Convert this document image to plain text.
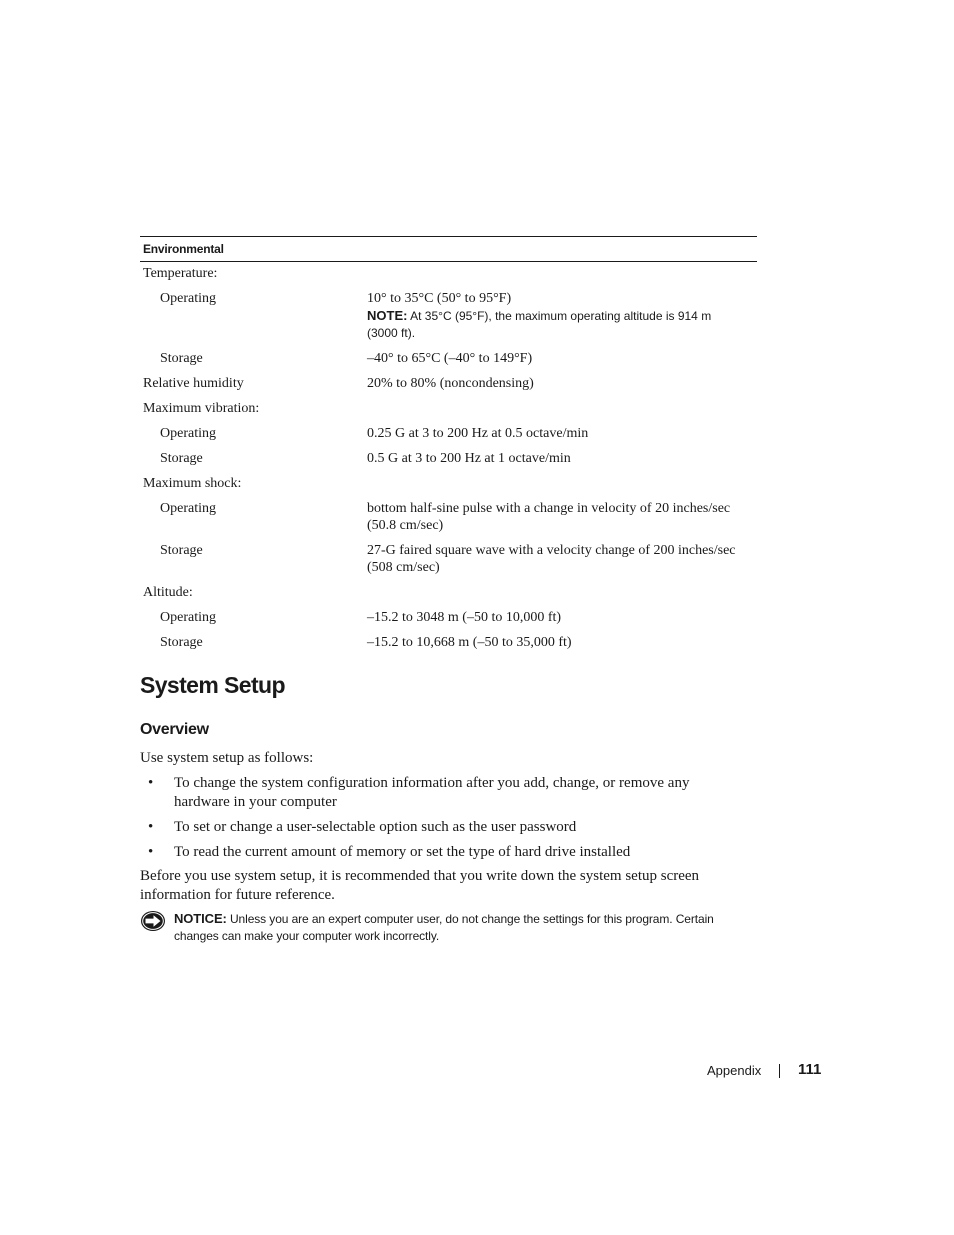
Environmental
Temperature:
Operating	10° to 35°C (50° to 95°F)
NOTE: At 35°C (95°F), the maximum operating altitude is 914 m (3000 ft).
Storage	–40° to 65°C (–40° to 149°F)
Relative humidity	20% to 80% (noncondensing)
Maximum vibration:
Operating	0.25 G at 3 to 200 Hz at 0.5 octave/min
Storage	0.5 G at 3 to 200 Hz at 1 octave/min
Maximum shock:
Operating	bottom half-sine pulse with a change in velocity of 20 inches/sec (50.8 cm/sec)
Storage	27-G faired square wave with a velocity change of 200 inches/sec (508 cm/sec)
Altitude:
Operating	–15.2 to 3048 m (–50 to 10,000 ft)
Storage	–15.2 to 10,668 m (–50 to 35,000 ft)
System Setup
Overview

Use system setup as follows:

• To change the system configuration information after you add, change, or remove any hardware in your computer
• To set or change a user-selectable option such as the user password
• To read the current amount of memory or set the type of hard drive installed

Before you use system setup, it is recommended that you write down the system setup screen information for future reference.

NOTICE: Unless you are an expert computer user, do not change the settings for this program. Certain changes can make your computer work incorrectly.
Appendix 111
